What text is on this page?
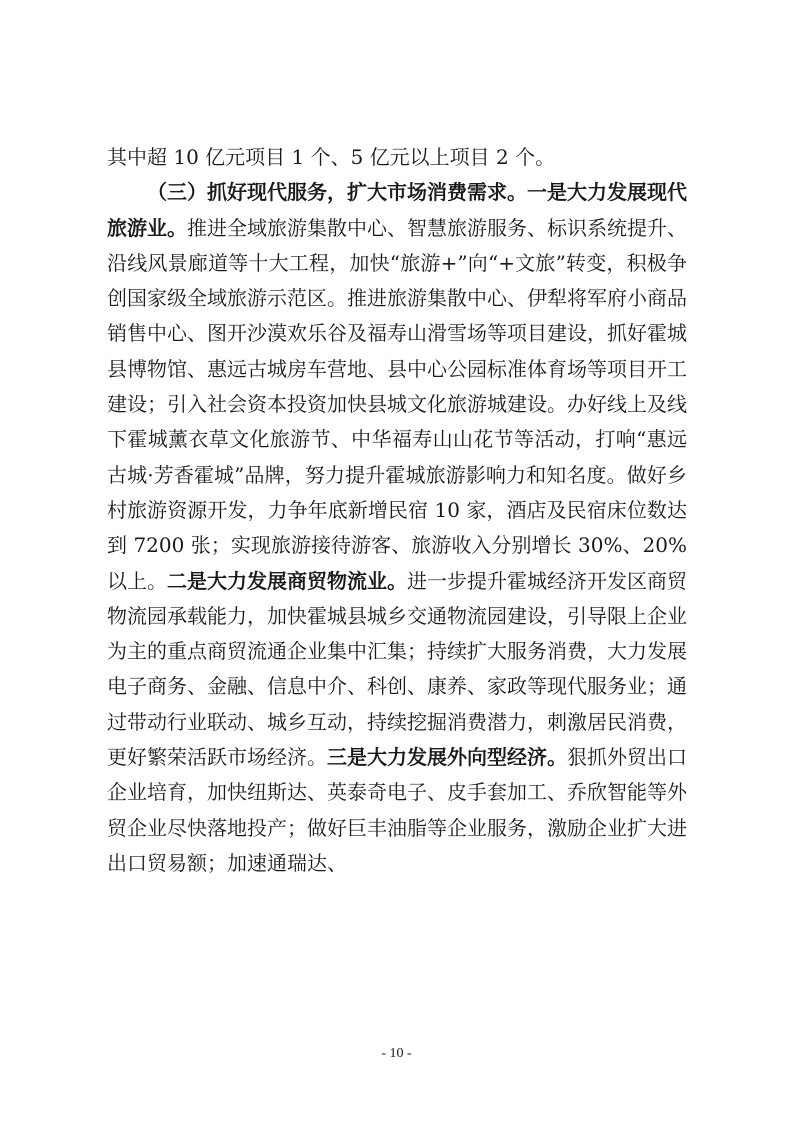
其中超 10 亿元项目 1 个、5 亿元以上项目 2 个。

（三）抓好现代服务，扩大市场消费需求。一是大力发展现代旅游业。推进全域旅游集散中心、智慧旅游服务、标识系统提升、沿线风景廊道等十大工程，加快“旅游+”向“+文旅”转变，积极争创国家级全域旅游示范区。推进旅游集散中心、伊犁将军府小商品销售中心、图开沙漠欢乐谷及福寿山滑雪场等项目建设，抓好霍城县博物馆、惠远古城房车营地、县中心公园标准体育场等项目开工建设；引入社会资本投资加快县城文化旅游城建设。办好线上及线下霍城薰衣草文化旅游节、中华福寿山山花节等活动，打响“惠远古城·芳香霍城”品牌，努力提升霍城旅游影响力和知名度。做好乡村旅游资源开发，力争年底新增民宿 10 家，酒店及民宿床位数达到 7200 张；实现旅游接待游客、旅游收入分别增长 30%、20%以上。二是大力发展商贸物流业。进一步提升霍城经济开发区商贸物流园承载能力，加快霍城县城乡交通物流园建设，引导限上企业为主的重点商贸流通企业集中汇集；持续扩大服务消费，大力发展电子商务、金融、信息中介、科创、康养、家政等现代服务业；通过带动行业联动、城乡互动，持续挖掘消费潜力，刺激居民消费，更好繁荣活跃市场经济。三是大力发展外向型经济。狠抓外贸出口企业培育，加快纽斯达、英泰奇电子、皮手套加工、乔欣智能等外贸企业尽快落地投产；做好巨丰油脂等企业服务，激励企业扩大进出口贸易额；加速通瑞达、

- 10 -
